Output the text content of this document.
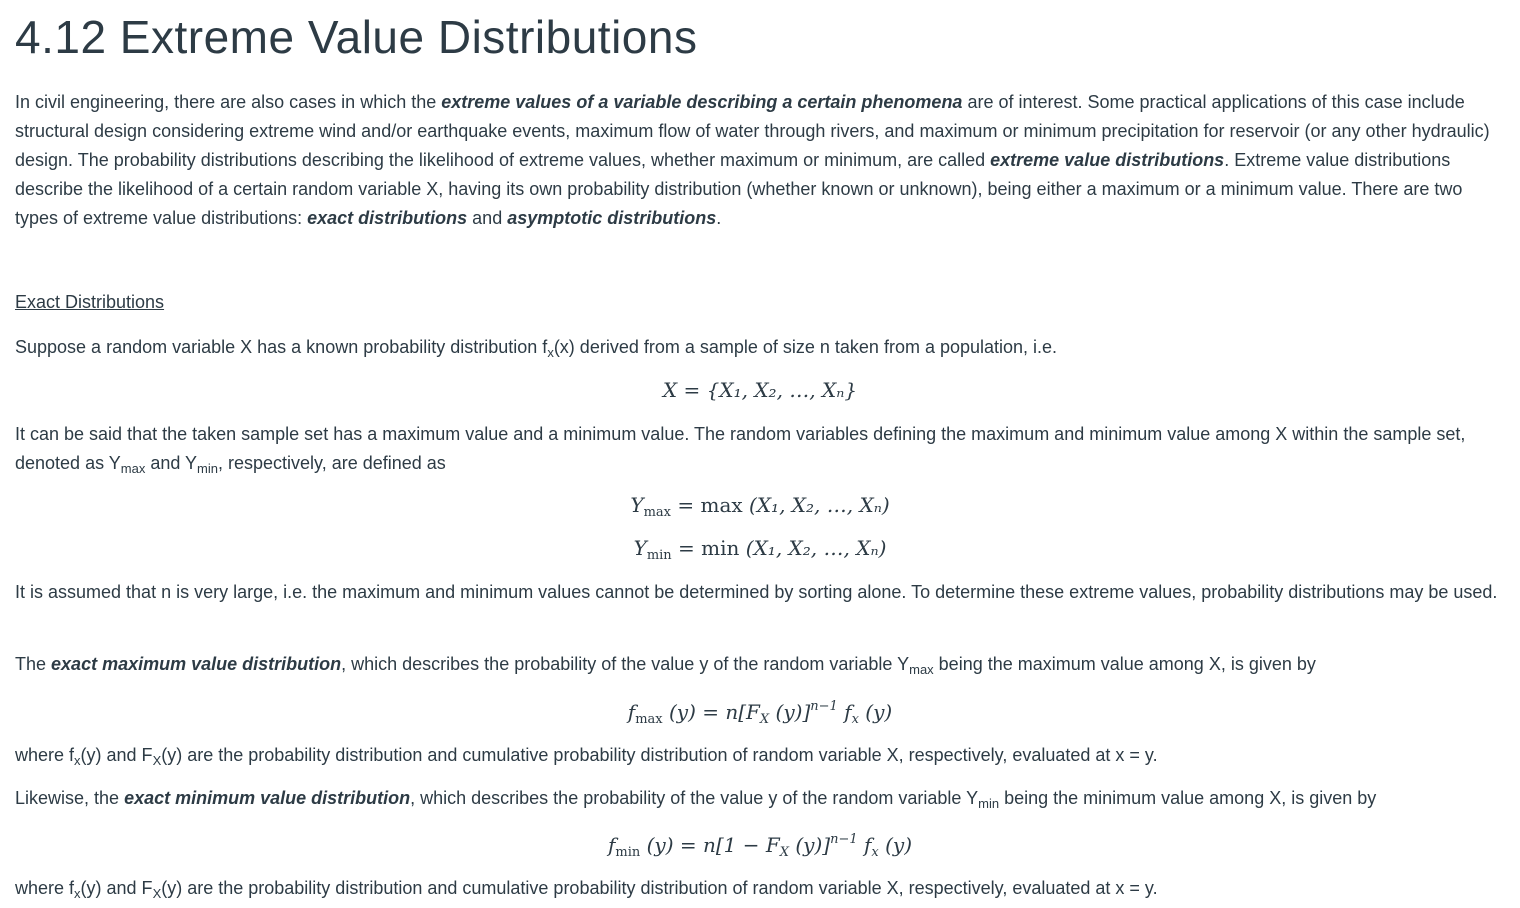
4.12 Extreme Value Distributions

In civil engineering, there are also cases in which the extreme values of a variable describing a certain phenomena are of interest. Some practical applications of this case include structural design considering extreme wind and/or earthquake events, maximum flow of water through rivers, and maximum or minimum precipitation for reservoir (or any other hydraulic) design. The probability distributions describing the likelihood of extreme values, whether maximum or minimum, are called extreme value distributions. Extreme value distributions describe the likelihood of a certain random variable X, having its own probability distribution (whether known or unknown), being either a maximum or a minimum value. There are two types of extreme value distributions: exact distributions and asymptotic distributions.

Exact Distributions

Suppose a random variable X has a known probability distribution $f_x(x)$ derived from a sample of size n taken from a population, i.e.

X = {X₁, X₂, …, Xₙ}

It can be said that the taken sample set has a maximum value and a minimum value. The random variables defining the maximum and minimum value among X within the sample set, denoted as $Y_{max}$ and $Y_{min}$, respectively, are defined as

$Y_{max} = \max (X_1$, X₂, …, Xₙ)
$Y_{min} = \min (X_1$, X₂, …, Xₙ)

It is assumed that n is very large, i.e. the maximum and minimum values cannot be determined by sorting alone. To determine these extreme values, probability distributions may be used.

The exact maximum value distribution, which describes the probability of the value y of the random variable $Y_{max}$ being the maximum value among X, is given by

$f_{max}$ $(y) = n[F_X$ (y)]$^{n-1}$ $f_x$ (y)

where $f_x(y)$ and $F_X(y)$ are the probability distribution and cumulative probability distribution of random variable X, respectively, evaluated at x = y.

Likewise, the exact minimum value distribution, which describes the probability of the value y of the random variable $Y_{min}$ being the minimum value among X, is given by

$f_{min}$ $(y) = n[1 - F_X$ (y)]$^{n-1}$ $f_x$ (y)

where $f_x(y)$ and $F_X(y)$ are the probability distribution and cumulative probability distribution of random variable X, respectively, evaluated at x = y.
